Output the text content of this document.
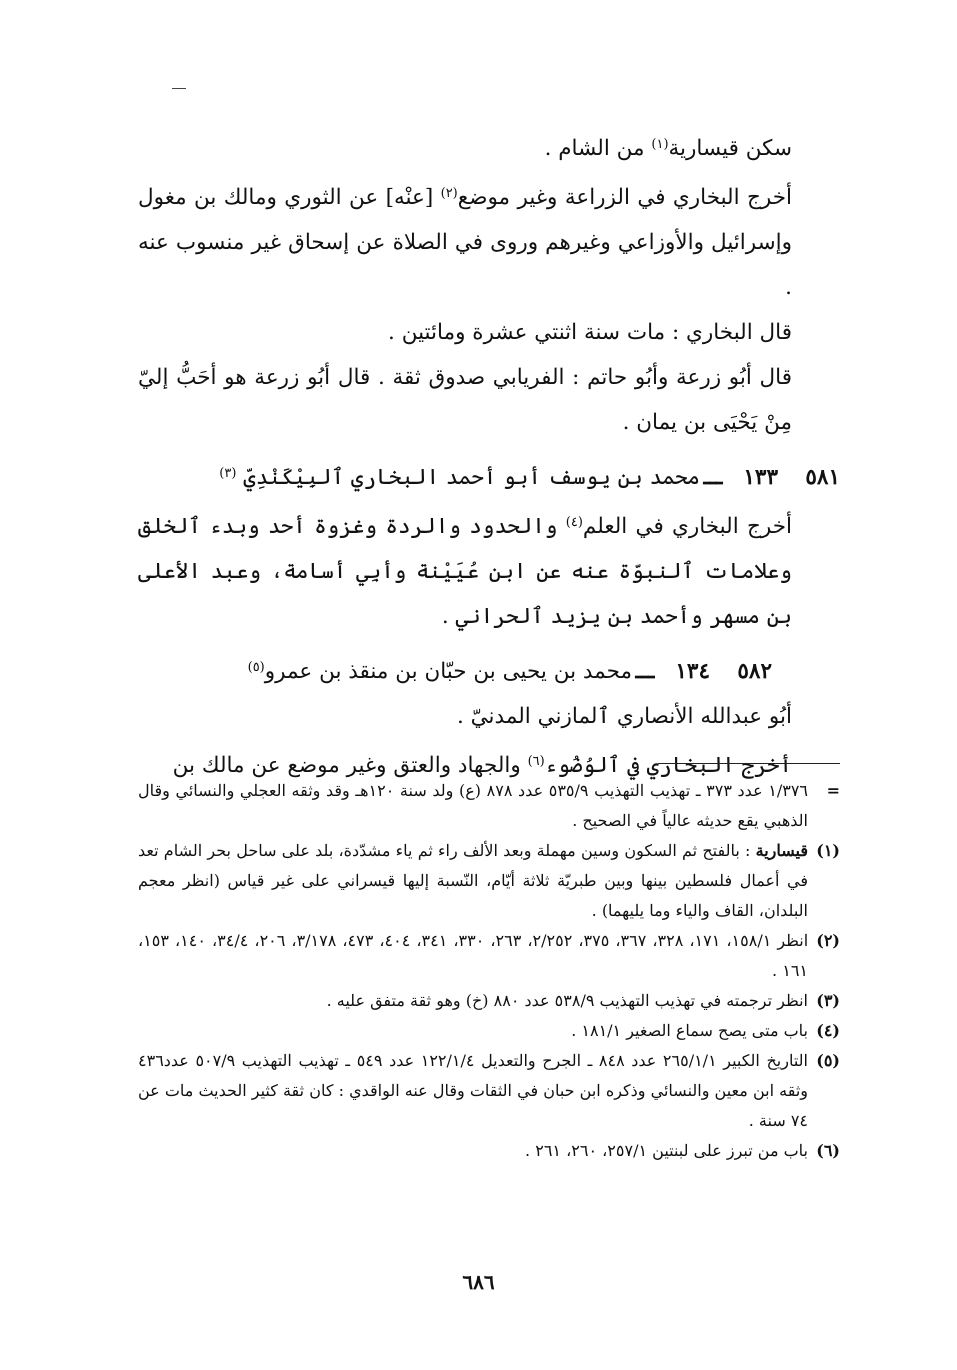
سكن قيسارية$^{(١)}$ من الشام .

أخرج البخاري في الزراعة وغير موضع$^{(٢)}$ [عنْه] عن الثوري ومالك بن مغول وإسرائيل والأوزاعي وغيرهم وروى في الصلاة عن إسحاق غير منسوب عنه .

قال البخاري : مات سنة اثنتي عشرة ومائتين .

قال أبُو زرعة وأبُو حاتم : الفريابي صدوق ثقة . قال أبُو زرعة هو أحَبُّ إليّ مِنْ يَحْيَى بن يمان .

٥٨١
١٣٣
ـــ
محمد بن يوسف أبو أحمد البخاري ٱلبِيْكَنْدِيّ $^{(٣)}$

أخرج البخاري في العلم$^{(٤)}$ والحدود والردة وغزوة أحد وبدء ٱلخلق وعلامات ٱلنبوّة عنه عن ابن عُيَيْنة وأبِي أسامة، وعبد الأعلى بن مسهر وأحمد بن يزيد ٱلحراني .

٥٨٢
١٣٤
ـــ
محمد بن يحيى بن حبّان بن منقذ بن عمرو$^{(٥)}$

أبُو عبدالله الأنصاري ٱلمازني المدنيّ .

أخرج البخاري في ٱلوُضُوء$^{(٦)}$ والجهاد والعتق وغير موضع عن مالك بن

=
١/٣٧٦ عدد ٣٧٣ ـ تهذيب التهذيب ٥٣٥/٩ عدد ٨٧٨ (ع) ولد سنة ١٢٠هـ وقد وثقه العجلي والنسائي وقال الذهبي يقع حديثه عالياً في الصحيح .
(١)
قيسارية : بالفتح ثم السكون وسين مهملة وبعد الألف راء ثم ياء مشدّدة، بلد على ساحل بحر الشام تعد في أعمال فلسطين بينها وبين طبريّة ثلاثة أيّام، النّسبة إليها قيسراني على غير قياس (انظر معجم البلدان، القاف والياء وما يليهما) .
(٢)
انظر ١٥٨/١، ١٧١، ٣٢٨، ٣٦٧، ٣٧٥، ٢/٢٥٢، ٢٦٣، ٣٣٠، ٣٤١، ٤٠٤، ٤٧٣، ٣/١٧٨، ٢٠٦، ٣٤/٤، ١٤٠، ١٥٣، ١٦١ .
(٣)
انظر ترجمته في تهذيب التهذيب ٥٣٨/٩ عدد ٨٨٠ (خ) وهو ثقة متفق عليه .
(٤)
باب متى يصح سماع الصغير ١٨١/١ .
(٥)
التاريخ الكبير ٢٦٥/١/١ عدد ٨٤٨ ـ الجرح والتعديل ١٢٢/١/٤ عدد ٥٤٩ ـ تهذيب التهذيب ٥٠٧/٩ عدد٤٣٦ وثقه ابن معين والنسائي وذكره ابن حبان في الثقات وقال عنه الواقدي : كان ثقة كثير الحديث مات عن ٧٤ سنة .
(٦)
باب من تبرز على لبنتين ٢٥٧/١، ٢٦٠، ٢٦١ .
٦٨٦
